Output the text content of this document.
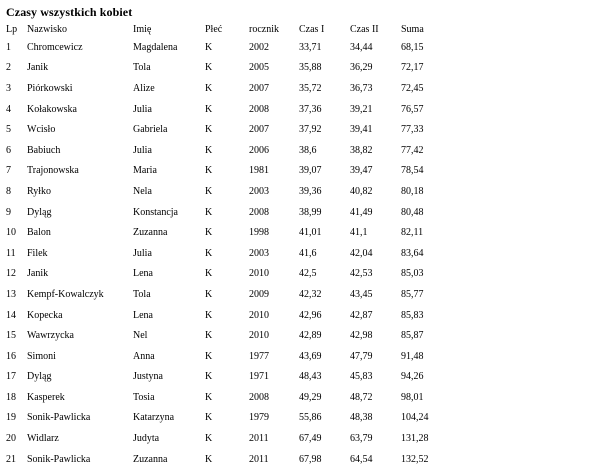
Czasy wszystkich kobiet
Lp	Nazwisko	Imię	Płeć	rocznik	Czas I	Czas II	Suma
1	Chromcewicz	Magdalena	K	2002	33,71	34,44	68,15
2	Janik	Tola	K	2005	35,88	36,29	72,17
3	Piórkowski	Alize	K	2007	35,72	36,73	72,45
4	Kołakowska	Julia	K	2008	37,36	39,21	76,57
5	Wcisło	Gabriela	K	2007	37,92	39,41	77,33
6	Babiuch	Julia	K	2006	38,6	38,82	77,42
7	Trajonowska	Maria	K	1981	39,07	39,47	78,54
8	Ryłko	Nela	K	2003	39,36	40,82	80,18
9	Dyląg	Konstancja	K	2008	38,99	41,49	80,48
10	Balon	Zuzanna	K	1998	41,01	41,1	82,11
11	Filek	Julia	K	2003	41,6	42,04	83,64
12	Janik	Lena	K	2010	42,5	42,53	85,03
13	Kempf-Kowalczyk	Tola	K	2009	42,32	43,45	85,77
14	Kopecka	Lena	K	2010	42,96	42,87	85,83
15	Wawrzycka	Nel	K	2010	42,89	42,98	85,87
16	Simoni	Anna	K	1977	43,69	47,79	91,48
17	Dyląg	Justyna	K	1971	48,43	45,83	94,26
18	Kasperek	Tosia	K	2008	49,29	48,72	98,01
19	Sonik-Pawlicka	Katarzyna	K	1979	55,86	48,38	104,24
20	Widlarz	Judyta	K	2011	67,49	63,79	131,28
21	Sonik-Pawlicka	Zuzanna	K	2011	67,98	64,54	132,52
